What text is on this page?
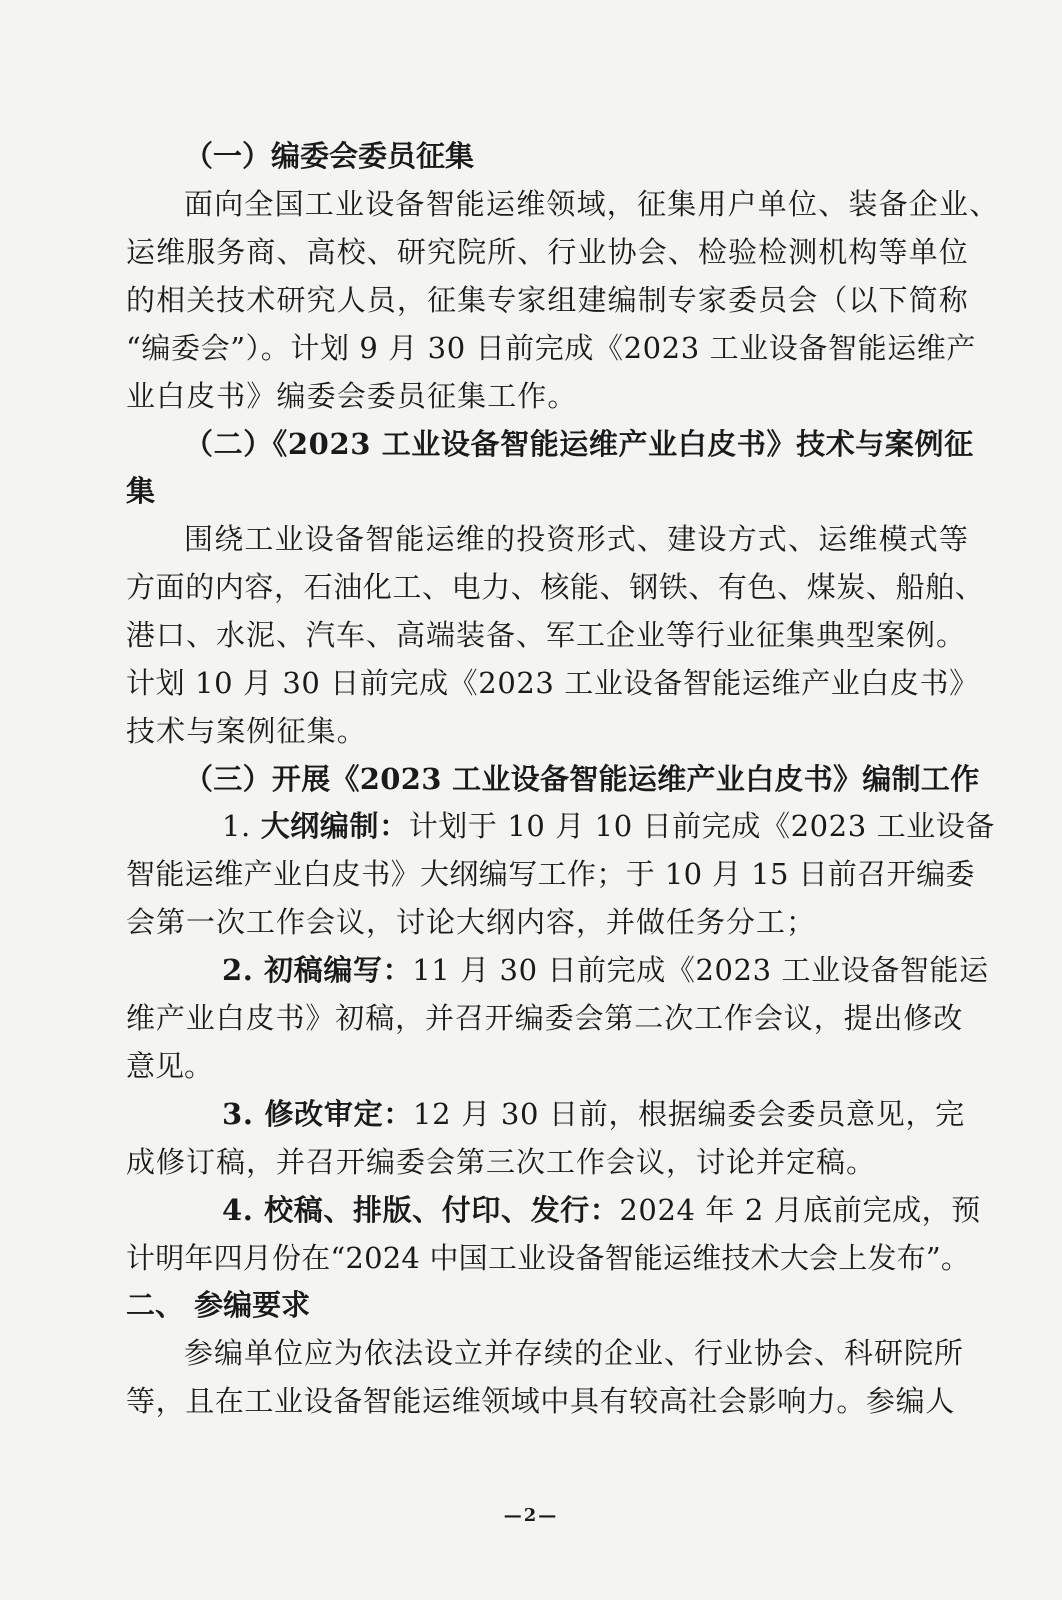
（一）编委会委员征集
面向全国工业设备智能运维领域，征集用户单位、装备企业、
运维服务商、高校、研究院所、行业协会、检验检测机构等单位
的相关技术研究人员，征集专家组建编制专家委员会（以下简称
“编委会”）。计划 9 月 30 日前完成《2023 工业设备智能运维产
业白皮书》编委会委员征集工作。
（二）《2023 工业设备智能运维产业白皮书》技术与案例征
集
围绕工业设备智能运维的投资形式、建设方式、运维模式等
方面的内容，石油化工、电力、核能、钢铁、有色、煤炭、船舶、
港口、水泥、汽车、高端装备、军工企业等行业征集典型案例。
计划 10 月 30 日前完成《2023 工业设备智能运维产业白皮书》
技术与案例征集。
（三）开展《2023 工业设备智能运维产业白皮书》编制工作
1. 大纲编制：计划于 10 月 10 日前完成《2023 工业设备
智能运维产业白皮书》大纲编写工作；于 10 月 15 日前召开编委
会第一次工作会议，讨论大纲内容，并做任务分工；
2. 初稿编写：11 月 30 日前完成《2023 工业设备智能运
维产业白皮书》初稿，并召开编委会第二次工作会议，提出修改
意见。
3. 修改审定：12 月 30 日前，根据编委会委员意见，完
成修订稿，并召开编委会第三次工作会议，讨论并定稿。
4. 校稿、排版、付印、发行：2024 年 2 月底前完成，预
计明年四月份在“2024 中国工业设备智能运维技术大会上发布”。
二、 参编要求
参编单位应为依法设立并存续的企业、行业协会、科研院所
等，且在工业设备智能运维领域中具有较高社会影响力。参编人
—2—
